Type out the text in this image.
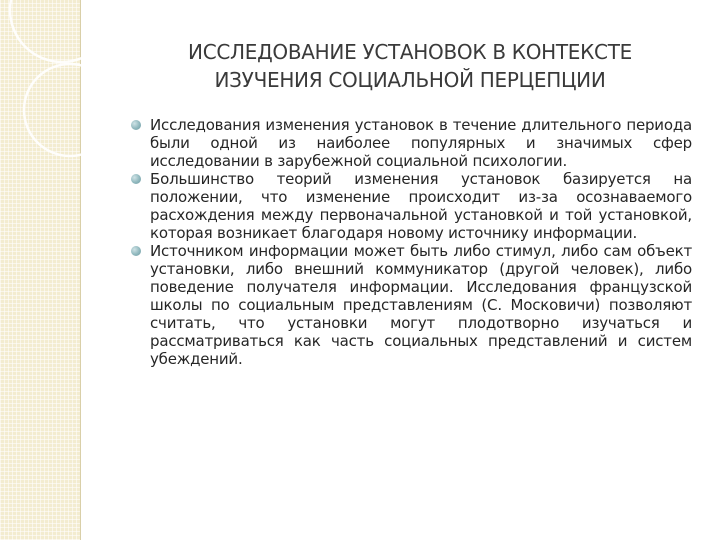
ИССЛЕДОВАНИЕ УСТАНОВОК В КОНТЕКСТЕ
ИЗУЧЕНИЯ СОЦИАЛЬНОЙ ПЕРЦЕПЦИИ
Исследования изменения установок в течение длительного периода были одной из наиболее популярных и значимых сфер исследовании в зарубежной социальной психологии.
Большинство теорий изменения установок базируется на положении, что изменение происходит из-за осознаваемого расхождения между первоначальной установкой и той установкой, которая возникает благодаря новому источнику информации.
Источником информации может быть либо стимул, либо сам объект установки, либо внешний коммуникатор (другой человек), либо поведение получателя информации. Исследования французской школы по социальным представлениям (С. Московичи) позволяют считать, что установки могут плодотворно изучаться и рассматриваться как часть социальных представлений и систем убеждений.
